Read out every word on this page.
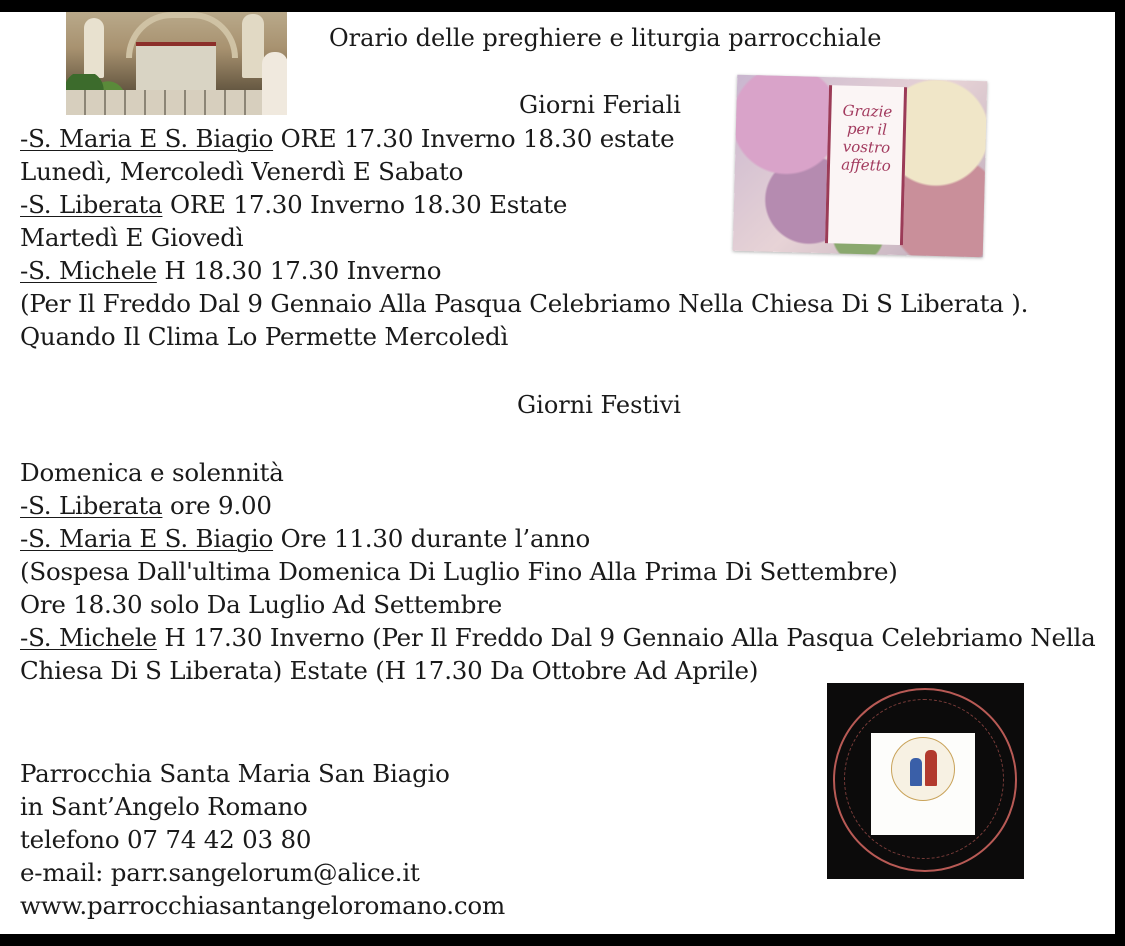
Orario delle preghiere e liturgia parrocchiale

Grazie
per il
vostro
affetto

Giorni Feriali

-S. Maria E S. Biagio ORE 17.30 Inverno 18.30 estate

Lunedì, Mercoledì Venerdì E Sabato

-S. Liberata ORE 17.30 Inverno 18.30 Estate

Martedì E Giovedì

-S. Michele H 18.30 17.30 Inverno

(Per Il Freddo Dal 9 Gennaio Alla Pasqua Celebriamo Nella Chiesa Di S Liberata ).

Quando Il Clima Lo Permette Mercoledì

Giorni Festivi

Domenica e solennità

-S. Liberata ore 9.00

-S. Maria E S. Biagio Ore 11.30 durante l’anno

(Sospesa Dall'ultima Domenica Di Luglio Fino Alla Prima Di Settembre)

Ore 18.30 solo Da Luglio Ad Settembre

-S. Michele H 17.30 Inverno (Per Il Freddo Dal 9 Gennaio Alla Pasqua Celebriamo Nella

Chiesa Di S Liberata) Estate (H 17.30 Da Ottobre Ad Aprile)

Parrocchia Santa Maria San Biagio

in Sant’Angelo Romano

telefono 07 74 42 03 80

e-mail: parr.sangelorum@alice.it

www.parrocchiasantangeloromano.com
